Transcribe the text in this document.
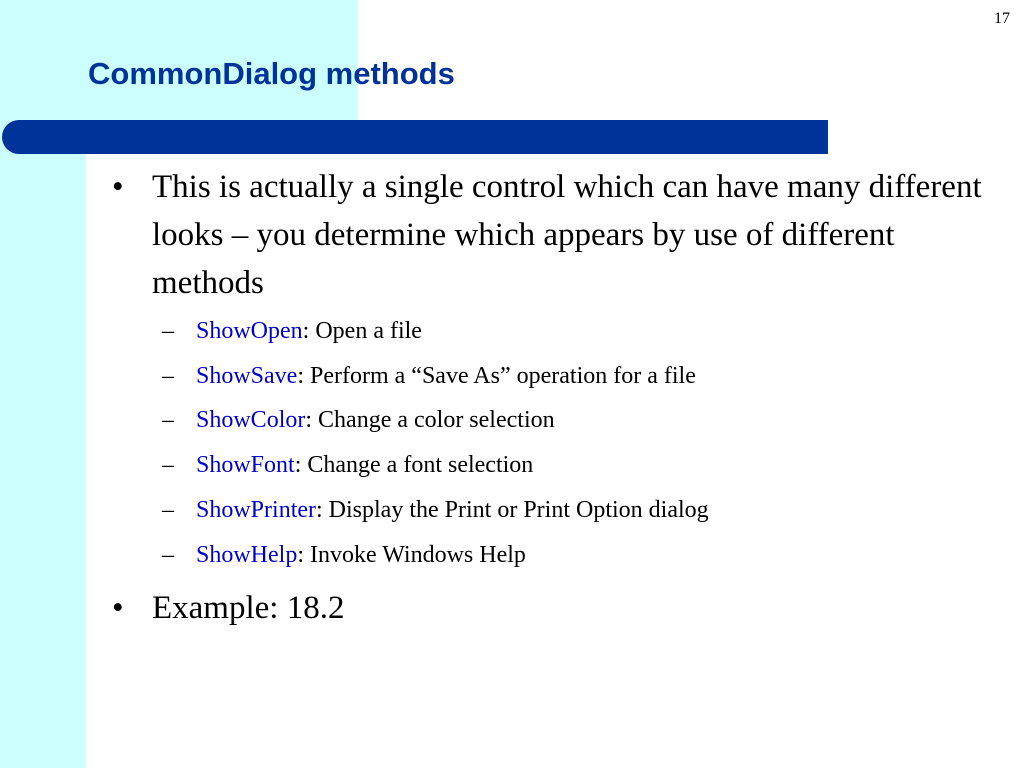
17
CommonDialog methods
• This is actually a single control which can have many different looks – you determine which appears by use of different methods
– ShowOpen: Open a file
– ShowSave: Perform a “Save As” operation for a file
– ShowColor: Change a color selection
– ShowFont: Change a font selection
– ShowPrinter: Display the Print or Print Option dialog
– ShowHelp: Invoke Windows Help
• Example: 18.2
